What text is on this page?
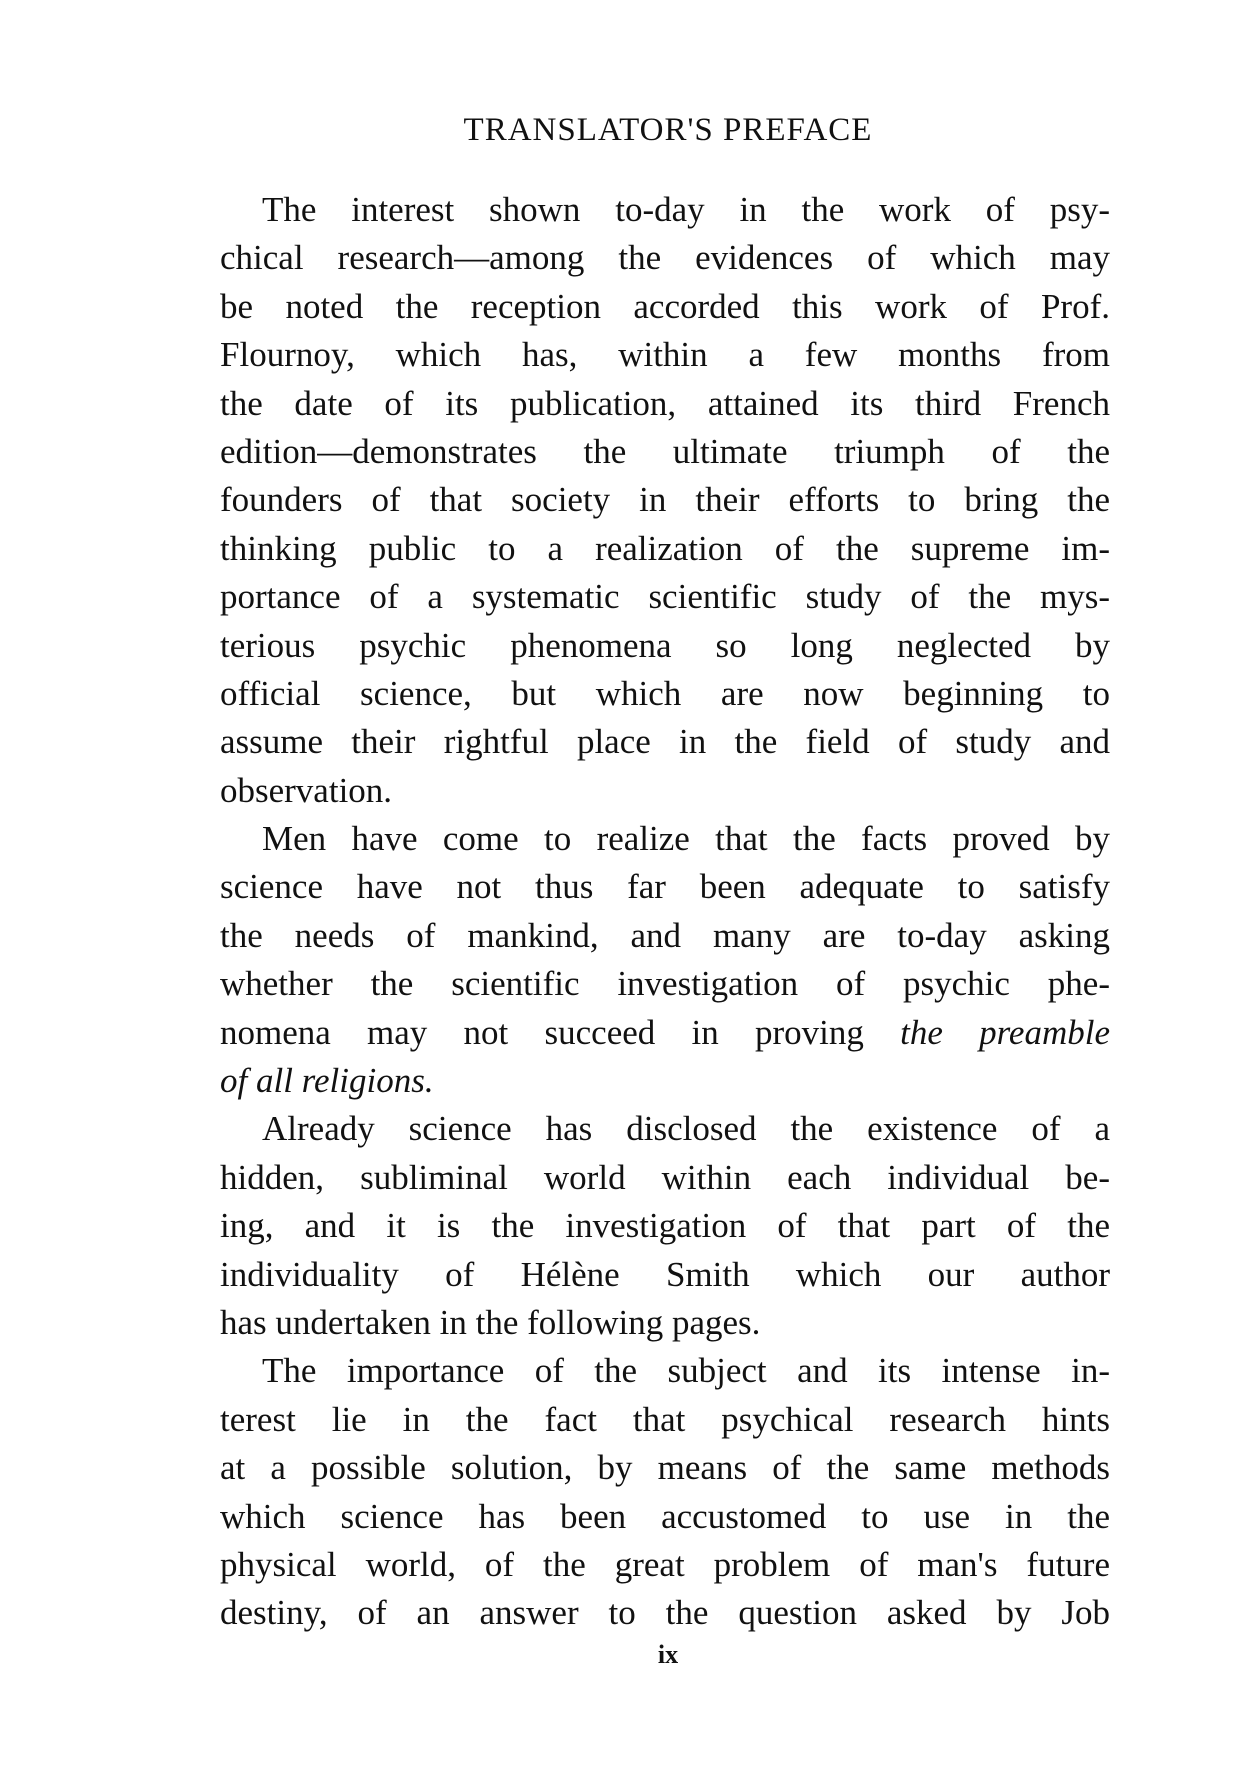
TRANSLATOR'S PREFACE
The interest shown to-day in the work of psy-
chical research—among the evidences of which may
be noted the reception accorded this work of Prof.
Flournoy, which has, within a few months from
the date of its publication, attained its third French
edition—demonstrates the ultimate triumph of the
founders of that society in their efforts to bring the
thinking public to a realization of the supreme im-
portance of a systematic scientific study of the mys-
terious psychic phenomena so long neglected by
official science, but which are now beginning to
assume their rightful place in the field of study and
observation.
Men have come to realize that the facts proved by
science have not thus far been adequate to satisfy
the needs of mankind, and many are to-day asking
whether the scientific investigation of psychic phe-
nomena may not succeed in proving the preamble
of all religions.
Already science has disclosed the existence of a
hidden, subliminal world within each individual be-
ing, and it is the investigation of that part of the
individuality of Hélène Smith which our author
has undertaken in the following pages.
The importance of the subject and its intense in-
terest lie in the fact that psychical research hints
at a possible solution, by means of the same methods
which science has been accustomed to use in the
physical world, of the great problem of man's future
destiny, of an answer to the question asked by Job
ix
